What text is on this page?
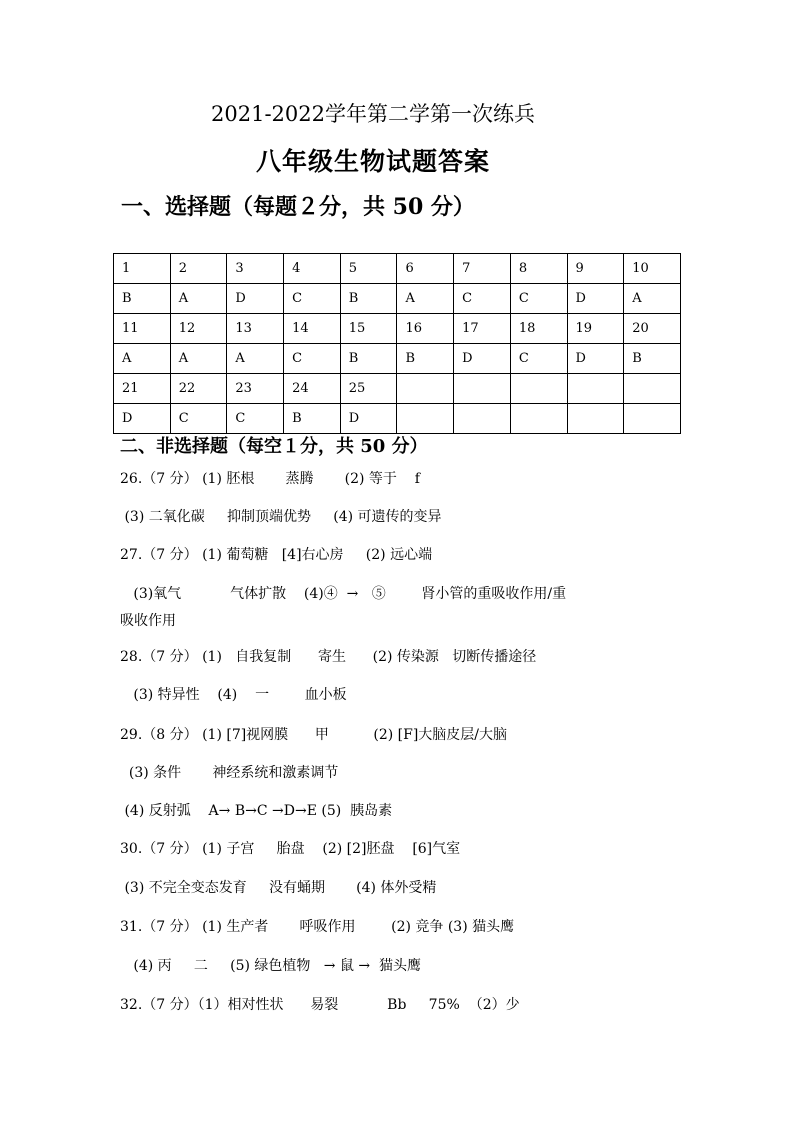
2021-2022学年第二学第一次练兵
八年级生物试题答案
一、选择题（每题２分，共 50 分）
1	2	3	4	5	6	7	8	9	10
B	A	D	C	B	A	C	C	D	A
11	12	13	14	15	16	17	18	19	20
A	A	A	C	B	B	D	C	D	B
21	22	23	24	25					
D	C	C	B	D					
二、非选择题（每空１分，共 50 分）
26.（7 分） (1) 胚根       蒸腾       (2) 等于    f
(3) 二氧化碳     抑制顶端优势     (4) 可遗传的变异
27.（7 分） (1) 葡萄糖   [4]右心房     (2) 远心端
(3)氧气           气体扩散    (4)④  →   ⑤        肾小管的重吸收作用/重
吸收作用
28.（7 分） (1)   自我复制      寄生      (2) 传染源   切断传播途径
(3) 特异性    (4)    一        血小板
29.（8 分） (1) [7]视网膜      甲          (2) [F]大脑皮层/大脑
(3) 条件       神经系统和激素调节
(4) 反射弧    A→ B→C →D→E (5)  胰岛素
30.（7 分） (1) 子宫     胎盘    (2) [2]胚盘    [6]气室
(3) 不完全变态发育     没有蛹期       (4) 体外受精
31.（7 分） (1) 生产者       呼吸作用        (2) 竞争 (3) 猫头鹰
(4) 丙     二     (5) 绿色植物   → 鼠 →  猫头鹰
32.（7 分）（1）相对性状      易裂           Bb     75%  （2）少
